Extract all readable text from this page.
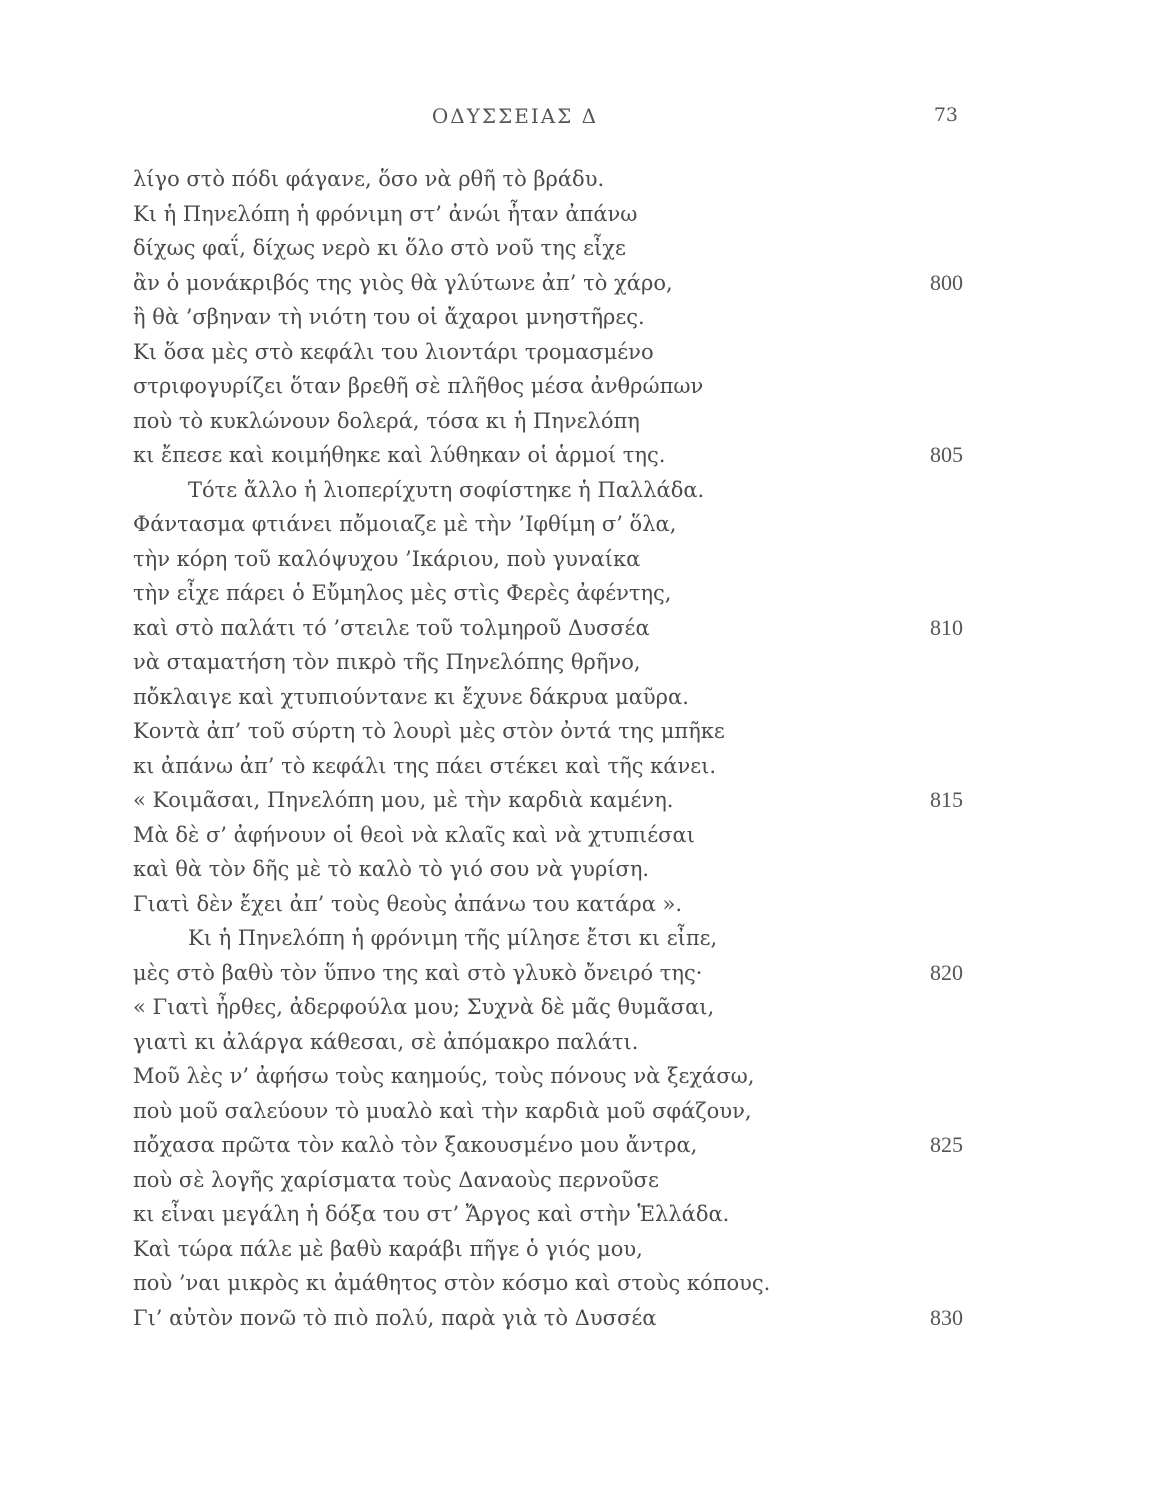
ΟΔΥΣΣΕΙΑΣ Δ	73
λίγο στὸ πόδι φάγανε, ὅσο νὰ ρθῆ τὸ βράδυ.
Κι ἡ Πηνελόπη ἡ φρόνιμη στ’ ἀνώι ἦταν ἀπάνω
δίχως φαΐ, δίχως νερὸ κι ὅλο στὸ νοῦ της εἶχε
ἂν ὁ μονάκριβός της γιὸς θὰ γλύτωνε ἀπ’ τὸ χάρο,	800
ἢ θὰ ’σβηναν τὴ νιότη του οἱ ἄχαροι μνηστῆρες.
Κι ὅσα μὲς στὸ κεφάλι του λιοντάρι τρομασμένο
στριφογυρίζει ὅταν βρεθῆ σὲ πλῆθος μέσα ἀνθρώπων
ποὺ τὸ κυκλώνουν δολερά, τόσα κι ἡ Πηνελόπη
κι ἔπεσε καὶ κοιμήθηκε καὶ λύθηκαν οἱ ἁρμοί της.	805
Τότε ἄλλο ἡ λιοπερίχυτη σοφίστηκε ἡ Παλλάδα.
Φάντασμα φτιάνει πὄμοιαζε μὲ τὴν ’Ιφθίμη σ’ ὅλα,
τὴν κόρη τοῦ καλόψυχου ’Ικάριου, ποὺ γυναίκα
τὴν εἶχε πάρει ὁ Εὔμηλος μὲς στὶς Φερὲς ἀφέντης,
καὶ στὸ παλάτι τό ’στειλε τοῦ τολμηροῦ Δυσσέα	810
νὰ σταματήση τὸν πικρὸ τῆς Πηνελόπης θρῆνο,
πὄκλαιγε καὶ χτυπιούντανε κι ἔχυνε δάκρυα μαῦρα.
Κοντὰ ἀπ’ τοῦ σύρτη τὸ λουρὶ μὲς στὸν ὀντά της μπῆκε
κι ἀπάνω ἀπ’ τὸ κεφάλι της πάει στέκει καὶ τῆς κάνει.
« Κοιμᾶσαι, Πηνελόπη μου, μὲ τὴν καρδιὰ καμένη.	815
Μὰ δὲ σ’ ἀφήνουν οἱ θεοὶ νὰ κλαῖς καὶ νὰ χτυπιέσαι
καὶ θὰ τὸν δῆς μὲ τὸ καλὸ τὸ γιό σου νὰ γυρίση.
Γιατὶ δὲν ἔχει ἀπ’ τοὺς θεοὺς ἀπάνω του κατάρα ».
Κι ἡ Πηνελόπη ἡ φρόνιμη τῆς μίλησε ἔτσι κι εἶπε,
μὲς στὸ βαθὺ τὸν ὕπνο της καὶ στὸ γλυκὸ ὄνειρό της·	820
« Γιατὶ ἦρθες, ἀδερφούλα μου; Συχνὰ δὲ μᾶς θυμᾶσαι,
γιατὶ κι ἀλάργα κάθεσαι, σὲ ἀπόμακρο παλάτι.
Μοῦ λὲς ν’ ἀφήσω τοὺς καημούς, τοὺς πόνους νὰ ξεχάσω,
ποὺ μοῦ σαλεύουν τὸ μυαλὸ καὶ τὴν καρδιὰ μοῦ σφάζουν,
πὄχασα πρῶτα τὸν καλὸ τὸν ξακουσμένο μου ἄντρα,	825
ποὺ σὲ λογῆς χαρίσματα τοὺς Δαναοὺς περνοῦσε
κι εἶναι μεγάλη ἡ δόξα του στ’ Ἄργος καὶ στὴν Ἑλλάδα.
Καὶ τώρα πάλε μὲ βαθὺ καράβι πῆγε ὁ γιός μου,
ποὺ ’ναι μικρὸς κι ἀμάθητος στὸν κόσμο καὶ στοὺς κόπους.
Γι’ αὐτὸν πονῶ τὸ πιὸ πολύ, παρὰ γιὰ τὸ Δυσσέα	830
